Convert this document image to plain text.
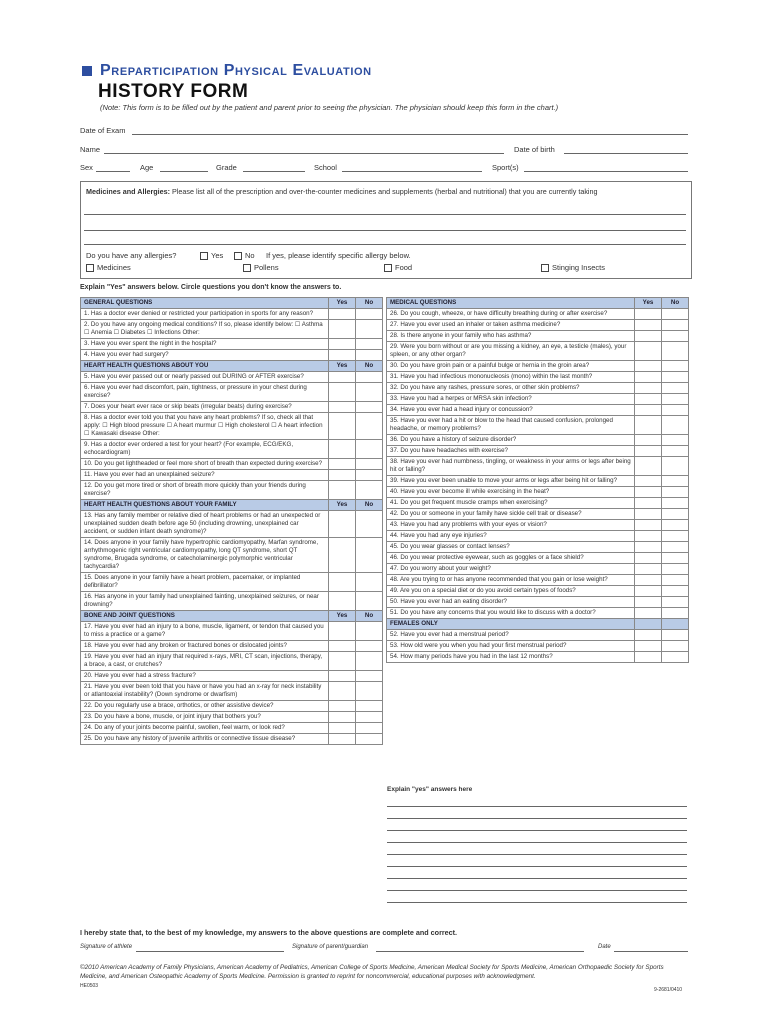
Preparticipation Physical Evaluation
HISTORY FORM
(Note: This form is to be filled out by the patient and parent prior to seeing the physician. The physician should keep this form in the chart.)
Date of Exam
Name	Date of birth
Sex	Age	Grade	School	Sport(s)
Medicines and Allergies: Please list all of the prescription and over-the-counter medicines and supplements (herbal and nutritional) that you are currently taking
Do you have any allergies?	Yes	No If yes, please identify specific allergy below.
Medicines	Pollens	Food	Stinging Insects
Explain "Yes" answers below. Circle questions you don't know the answers to.
GENERAL QUESTIONS	Yes	No
1. Has a doctor ever denied or restricted your participation in sports for any reason?		
2. Do you have any ongoing medical conditions? If so, please identify below: ☐ Asthma ☐ Anemia ☐ Diabetes ☐ Infections Other:		
3. Have you ever spent the night in the hospital?		
4. Have you ever had surgery?		
HEART HEALTH QUESTIONS ABOUT YOU	Yes	No
5. Have you ever passed out or nearly passed out DURING or AFTER exercise?		
6. Have you ever had discomfort, pain, tightness, or pressure in your chest during exercise?		
7. Does your heart ever race or skip beats (irregular beats) during exercise?		
8. Has a doctor ever told you that you have any heart problems? If so, check all that apply: ☐ High blood pressure ☐ A heart murmur ☐ High cholesterol ☐ A heart infection ☐ Kawasaki disease Other:		
9. Has a doctor ever ordered a test for your heart? (For example, ECG/EKG, echocardiogram)		
10. Do you get lightheaded or feel more short of breath than expected during exercise?		
11. Have you ever had an unexplained seizure?		
12. Do you get more tired or short of breath more quickly than your friends during exercise?		
HEART HEALTH QUESTIONS ABOUT YOUR FAMILY	Yes	No
13. Has any family member or relative died of heart problems or had an unexpected or unexplained sudden death before age 50 (including drowning, unexplained car accident, or sudden infant death syndrome)?		
14. Does anyone in your family have hypertrophic cardiomyopathy, Marfan syndrome, arrhythmogenic right ventricular cardiomyopathy, long QT syndrome, short QT syndrome, Brugada syndrome, or catecholaminergic polymorphic ventricular tachycardia?		
15. Does anyone in your family have a heart problem, pacemaker, or implanted defibrillator?		
16. Has anyone in your family had unexplained fainting, unexplained seizures, or near drowning?		
BONE AND JOINT QUESTIONS	Yes	No
17. Have you ever had an injury to a bone, muscle, ligament, or tendon that caused you to miss a practice or a game?		
18. Have you ever had any broken or fractured bones or dislocated joints?		
19. Have you ever had an injury that required x-rays, MRI, CT scan, injections, therapy, a brace, a cast, or crutches?		
20. Have you ever had a stress fracture?		
21. Have you ever been told that you have or have you had an x-ray for neck instability or atlantoaxial instability? (Down syndrome or dwarfism)		
22. Do you regularly use a brace, orthotics, or other assistive device?		
23. Do you have a bone, muscle, or joint injury that bothers you?		
24. Do any of your joints become painful, swollen, feel warm, or look red?		
25. Do you have any history of juvenile arthritis or connective tissue disease?		
MEDICAL QUESTIONS	Yes	No
26. Do you cough, wheeze, or have difficulty breathing during or after exercise?		
27. Have you ever used an inhaler or taken asthma medicine?		
28. Is there anyone in your family who has asthma?		
29. Were you born without or are you missing a kidney, an eye, a testicle (males), your spleen, or any other organ?		
30. Do you have groin pain or a painful bulge or hernia in the groin area?		
31. Have you had infectious mononucleosis (mono) within the last month?		
32. Do you have any rashes, pressure sores, or other skin problems?		
33. Have you had a herpes or MRSA skin infection?		
34. Have you ever had a head injury or concussion?		
35. Have you ever had a hit or blow to the head that caused confusion, prolonged headache, or memory problems?		
36. Do you have a history of seizure disorder?		
37. Do you have headaches with exercise?		
38. Have you ever had numbness, tingling, or weakness in your arms or legs after being hit or falling?		
39. Have you ever been unable to move your arms or legs after being hit or falling?		
40. Have you ever become ill while exercising in the heat?		
41. Do you get frequent muscle cramps when exercising?		
42. Do you or someone in your family have sickle cell trait or disease?		
43. Have you had any problems with your eyes or vision?		
44. Have you had any eye injuries?		
45. Do you wear glasses or contact lenses?		
46. Do you wear protective eyewear, such as goggles or a face shield?		
47. Do you worry about your weight?		
48. Are you trying to or has anyone recommended that you gain or lose weight?		
49. Are you on a special diet or do you avoid certain types of foods?		
50. Have you ever had an eating disorder?		
51. Do you have any concerns that you would like to discuss with a doctor?		
FEMALES ONLY		
52. Have you ever had a menstrual period?		
53. How old were you when you had your first menstrual period?		
54. How many periods have you had in the last 12 months?		
Explain "yes" answers here
I hereby state that, to the best of my knowledge, my answers to the above questions are complete and correct.
Signature of athlete	Signature of parent/guardian	Date
©2010 American Academy of Family Physicians, American Academy of Pediatrics, American College of Sports Medicine, American Medical Society for Sports Medicine, American Orthopaedic Society for Sports Medicine, and American Osteopathic Academy of Sports Medicine. Permission is granted to reprint for noncommercial, educational purposes with acknowledgment.
HE0503
9-2681/0410
